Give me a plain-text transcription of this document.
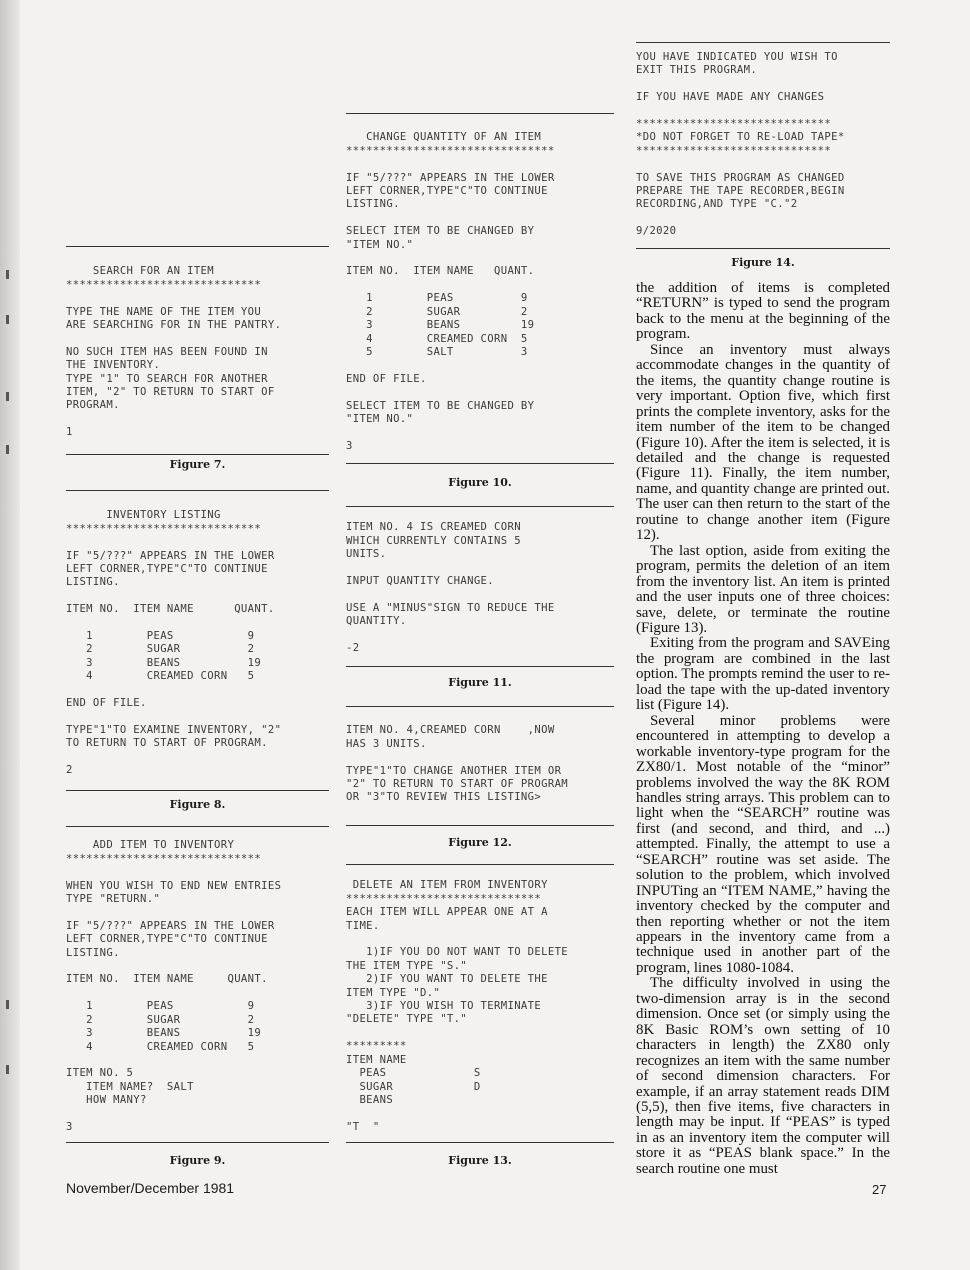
SEARCH FOR AN ITEM
*****************************

TYPE THE NAME OF THE ITEM YOU
ARE SEARCHING FOR IN THE PANTRY.

NO SUCH ITEM HAS BEEN FOUND IN
THE INVENTORY.
TYPE "1" TO SEARCH FOR ANOTHER
ITEM, "2" TO RETURN TO START OF
PROGRAM.

1
Figure 7.

INVENTORY LISTING
*****************************

IF "5/???" APPEARS IN THE LOWER
LEFT CORNER,TYPE"C"TO CONTINUE
LISTING.

ITEM NO.  ITEM NAME      QUANT.

1        PEAS           9
2        SUGAR          2
3        BEANS          19
4        CREAMED CORN   5

END OF FILE.

TYPE"1"TO EXAMINE INVENTORY, "2"
TO RETURN TO START OF PROGRAM.

2
Figure 8.

ADD ITEM TO INVENTORY
*****************************

WHEN YOU WISH TO END NEW ENTRIES
TYPE "RETURN."

IF "5/???" APPEARS IN THE LOWER
LEFT CORNER,TYPE"C"TO CONTINUE
LISTING.

ITEM NO.  ITEM NAME     QUANT.

1        PEAS           9
2        SUGAR          2
3        BEANS          19
4        CREAMED CORN   5

ITEM NO. 5
ITEM NAME?  SALT
HOW MANY?

3
Figure 9.

CHANGE QUANTITY OF AN ITEM
*******************************

IF "5/???" APPEARS IN THE LOWER
LEFT CORNER,TYPE"C"TO CONTINUE
LISTING.

SELECT ITEM TO BE CHANGED BY
"ITEM NO."

ITEM NO.  ITEM NAME   QUANT.

1        PEAS          9
2        SUGAR         2
3        BEANS         19
4        CREAMED CORN  5
5        SALT          3

END OF FILE.

SELECT ITEM TO BE CHANGED BY
"ITEM NO."

3
Figure 10.

ITEM NO. 4 IS CREAMED CORN
WHICH CURRENTLY CONTAINS 5
UNITS.

INPUT QUANTITY CHANGE.

USE A "MINUS"SIGN TO REDUCE THE
QUANTITY.

-2
Figure 11.

ITEM NO. 4,CREAMED CORN    ,NOW
HAS 3 UNITS.

TYPE"1"TO CHANGE ANOTHER ITEM OR
"2" TO RETURN TO START OF PROGRAM
OR "3"TO REVIEW THIS LISTING>
Figure 12.

DELETE AN ITEM FROM INVENTORY
*****************************
EACH ITEM WILL APPEAR ONE AT A
TIME.

1)IF YOU DO NOT WANT TO DELETE
THE ITEM TYPE "S."
2)IF YOU WANT TO DELETE THE
ITEM TYPE "D."
3)IF YOU WISH TO TERMINATE
"DELETE" TYPE "T."

*********
ITEM NAME
PEAS             S
SUGAR            D
BEANS

"T  "
Figure 13.
YOU HAVE INDICATED YOU WISH TO
EXIT THIS PROGRAM.

IF YOU HAVE MADE ANY CHANGES

*****************************
*DO NOT FORGET TO RE-LOAD TAPE*
*****************************

TO SAVE THIS PROGRAM AS CHANGED
PREPARE THE TAPE RECORDER,BEGIN
RECORDING,AND TYPE "C."2

9/2020
Figure 14.

the addition of items is completed “RETURN” is typed to send the program back to the menu at the beginning of the program.

Since an inventory must always accommodate changes in the quantity of the items, the quantity change routine is very important. Option five, which first prints the complete inventory, asks for the item number of the item to be changed (Figure 10). After the item is selected, it is detailed and the change is requested (Figure 11). Finally, the item number, name, and quantity change are printed out. The user can then return to the start of the routine to change another item (Figure 12).

The last option, aside from exiting the program, permits the deletion of an item from the inventory list. An item is printed and the user inputs one of three choices: save, delete, or terminate the routine (Figure 13).

Exiting from the program and SAVEing the program are combined in the last option. The prompts remind the user to re-load the tape with the up-dated inventory list (Figure 14).

Several minor problems were encountered in attempting to develop a workable inventory-type program for the ZX80/1. Most notable of the “minor” problems involved the way the 8K ROM handles string arrays. This problem can to light when the “SEARCH” routine was first (and second, and third, and ...) attempted. Finally, the attempt to use a “SEARCH” routine was set aside. The solution to the problem, which involved INPUTing an “ITEM NAME,” having the inventory checked by the computer and then reporting whether or not the item appears in the inventory came from a technique used in another part of the program, lines 1080-1084.

The difficulty involved in using the two-dimension array is in the second dimension. Once set (or simply using the 8K Basic ROM’s own setting of 10 characters in length) the ZX80 only recognizes an item with the same number of second dimension characters. For example, if an array statement reads DIM (5,5), then five items, five characters in length may be input. If “PEAS” is typed in as an inventory item the computer will store it as “PEAS blank space.” In the search routine one must

November/December 1981	27
